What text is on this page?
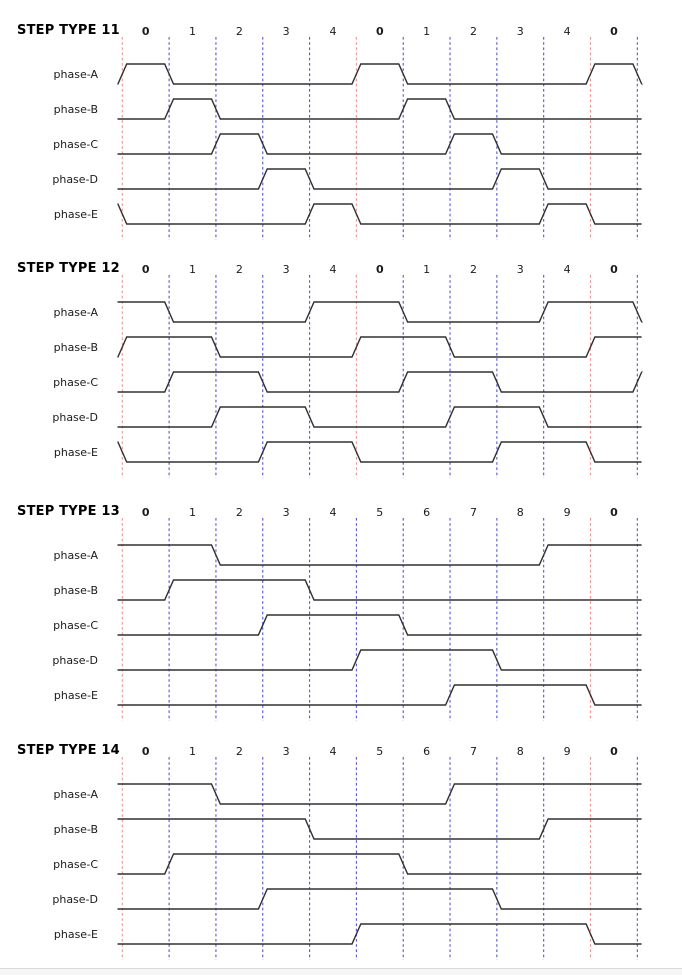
STEP TYPE 11 0	1	2	3	4	0	1	2	3	4	0
phase-A
phase-B
phase-C
phase-D
phase-E
STEP TYPE 12 0	1	2	3	4	0	1	2	3	4	0
phase-A
phase-B
phase-C
phase-D
phase-E
STEP TYPE 13 0	1	2	3	4	5	6	7	8	9	0
phase-A
phase-B
phase-C
phase-D
phase-E
STEP TYPE 14 0	1	2	3	4	5	6	7	8	9	0
phase-A
phase-B
phase-C
phase-D
phase-E
